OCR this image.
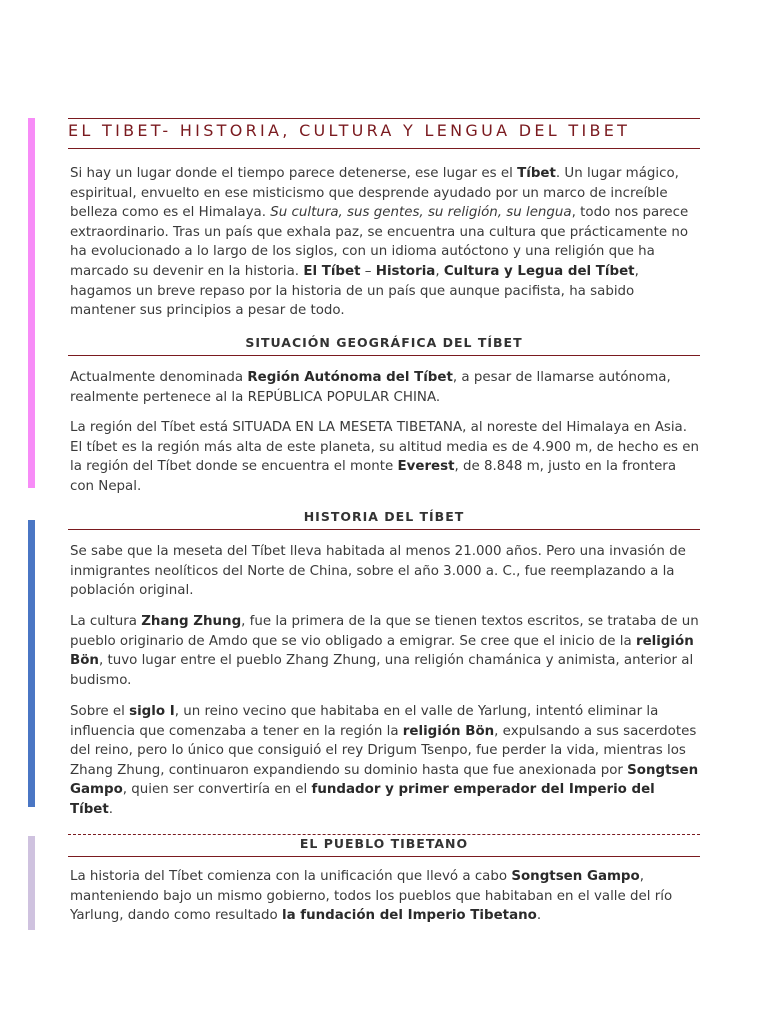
EL TIBET- HISTORIA, CULTURA Y LENGUA DEL TIBET

Si hay un lugar donde el tiempo parece detenerse, ese lugar es el Tíbet. Un lugar mágico, espiritual, envuelto en ese misticismo que desprende ayudado por un marco de increíble belleza como es el Himalaya. Su cultura, sus gentes, su religión, su lengua, todo nos parece extraordinario. Tras un país que exhala paz, se encuentra una cultura que prácticamente no ha evolucionado a lo largo de los siglos, con un idioma autóctono y una religión que ha marcado su devenir en la historia. El Tíbet – Historia, Cultura y Legua del Tíbet, hagamos un breve repaso por la historia de un país que aunque pacifista, ha sabido mantener sus principios a pesar de todo.

SITUACIÓN GEOGRÁFICA DEL TÍBET

Actualmente denominada Región Autónoma del Tíbet, a pesar de llamarse autónoma, realmente pertenece al la REPÚBLICA POPULAR CHINA.

La región del Tíbet está SITUADA EN LA MESETA TIBETANA, al noreste del Himalaya en Asia. El tíbet es la región más alta de este planeta, su altitud media es de 4.900 m, de hecho es en la región del Tíbet donde se encuentra el monte Everest, de 8.848 m, justo en la frontera con Nepal.

HISTORIA DEL TÍBET

Se sabe que la meseta del Tíbet lleva habitada al menos 21.000 años. Pero una invasión de inmigrantes neolíticos del Norte de China, sobre el año 3.000 a. C., fue reemplazando a la población original.

La cultura Zhang Zhung, fue la primera de la que se tienen textos escritos, se trataba de un pueblo originario de Amdo que se vio obligado a emigrar. Se cree que el inicio de la religión Bön, tuvo lugar entre el pueblo Zhang Zhung, una religión chamánica y animista, anterior al budismo.

Sobre el siglo I, un reino vecino que habitaba en el valle de Yarlung, intentó eliminar la influencia que comenzaba a tener en la región la religión Bön, expulsando a sus sacerdotes del reino, pero lo único que consiguió el rey Drigum Tsenpo, fue perder la vida, mientras los Zhang Zhung, continuaron expandiendo su dominio hasta que fue anexionada por Songtsen Gampo, quien ser convertiría en el fundador y primer emperador del Imperio del Tíbet.

EL PUEBLO TIBETANO

La historia del Tíbet comienza con la unificación que llevó a cabo Songtsen Gampo, manteniendo bajo un mismo gobierno, todos los pueblos que habitaban en el valle del río Yarlung, dando como resultado la fundación del Imperio Tibetano.
